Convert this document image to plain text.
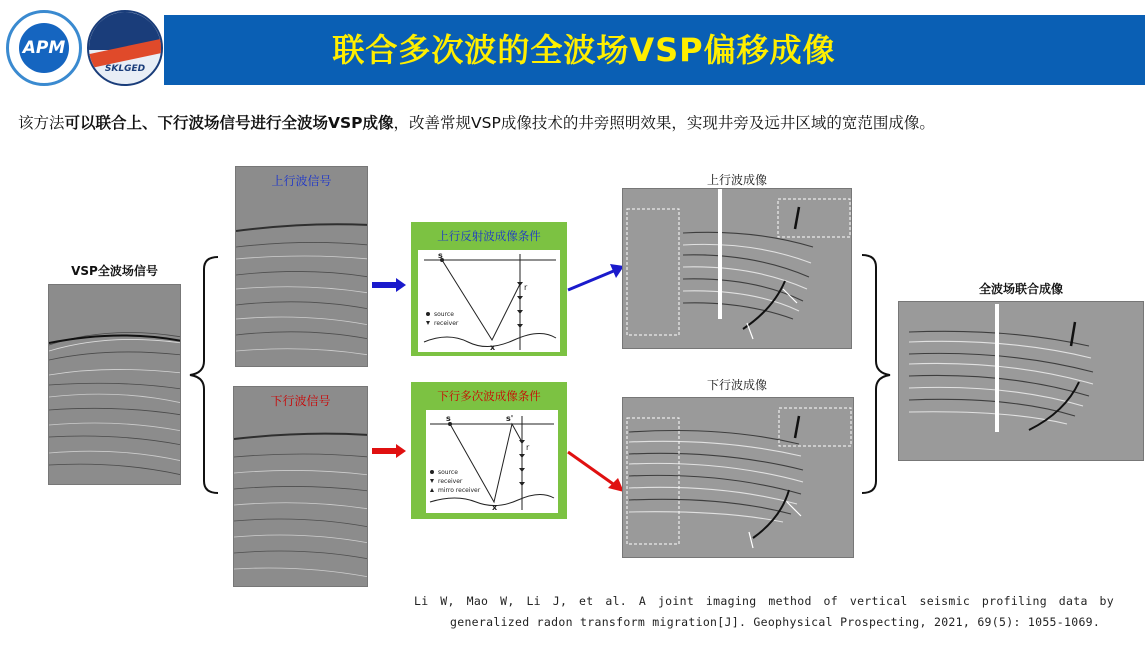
APM
SKLGED	联合多次波的全波场VSP偏移成像
该方法可以联合上、下行波场信号进行全波场VSP成像，改善常规VSP成像技术的井旁照明效果，实现井旁及远井区域的宽范围成像。
VSP全波场信号
上行波信号
下行波信号
上行反射波成像条件
s
r
x
source
receiver
下行多次波成像条件
s	s'
r
x
source
receiver
mirro receiver
上行波成像
下行波成像
全波场联合成像
Li W, Mao W, Li J, et al. A joint imaging method of vertical seismic profiling data by
generalized radon transform migration[J]. Geophysical Prospecting, 2021, 69(5): 1055-1069.
